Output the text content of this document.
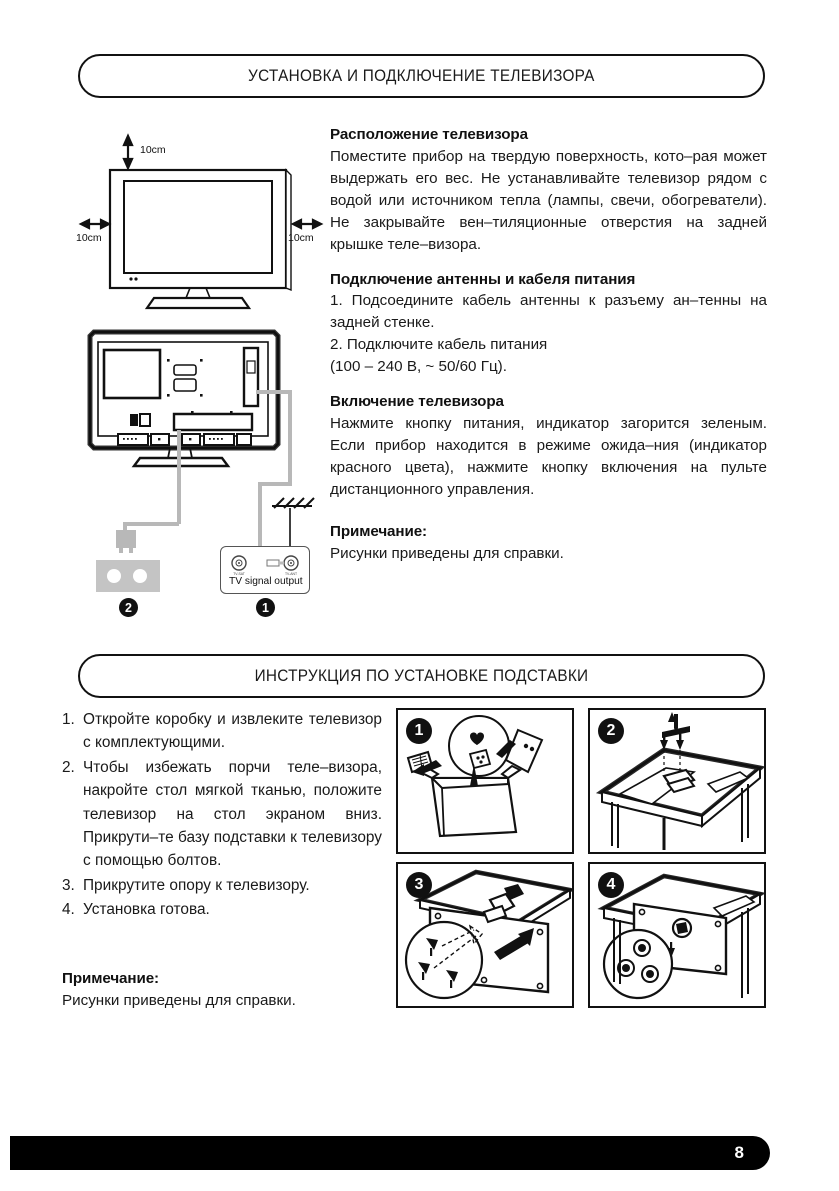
УСТАНОВКА И ПОДКЛЮЧЕНИЕ ТЕЛЕВИЗОРА
10cm
10cm	10cm
TV-SAT	TV-ANT
TV signal output
2	1
Расположение телевизора
Поместите прибор на твердую поверхность, кото–рая может выдержать его вес. Не устанавливайте телевизор рядом с водой или источником тепла (лампы, свечи, обогреватели). Не закрывайте вен–тиляционные отверстия на задней крышке теле–визора.
Подключение антенны и кабеля питания
1. Подсоедините кабель антенны к разъему ан–тенны на задней стенке.
2. Подключите кабель питания
(100 – 240 В, ~ 50/60 Гц).
Включение телевизора
Нажмите кнопку питания, индикатор загорится зеленым. Если прибор находится в режиме ожида–ния (индикатор красного цвета), нажмите кнопку включения на пульте дистанционного управления.
Примечание:
Рисунки приведены для справки.
ИНСТРУКЦИЯ ПО УСТАНОВКЕ ПОДСТАВКИ
1. Откройте коробку и извлеките телевизор с комплектующими.
2. Чтобы избежать порчи теле–визора, накройте стол мягкой тканью, положите телевизор на стол экраном вниз. Прикрути–те базу подставки к телевизору с помощью болтов.
3. Прикрутите опору к телевизору.
4. Установка готова.
Примечание:
Рисунки приведены для справки.
1	2
3	4
8
